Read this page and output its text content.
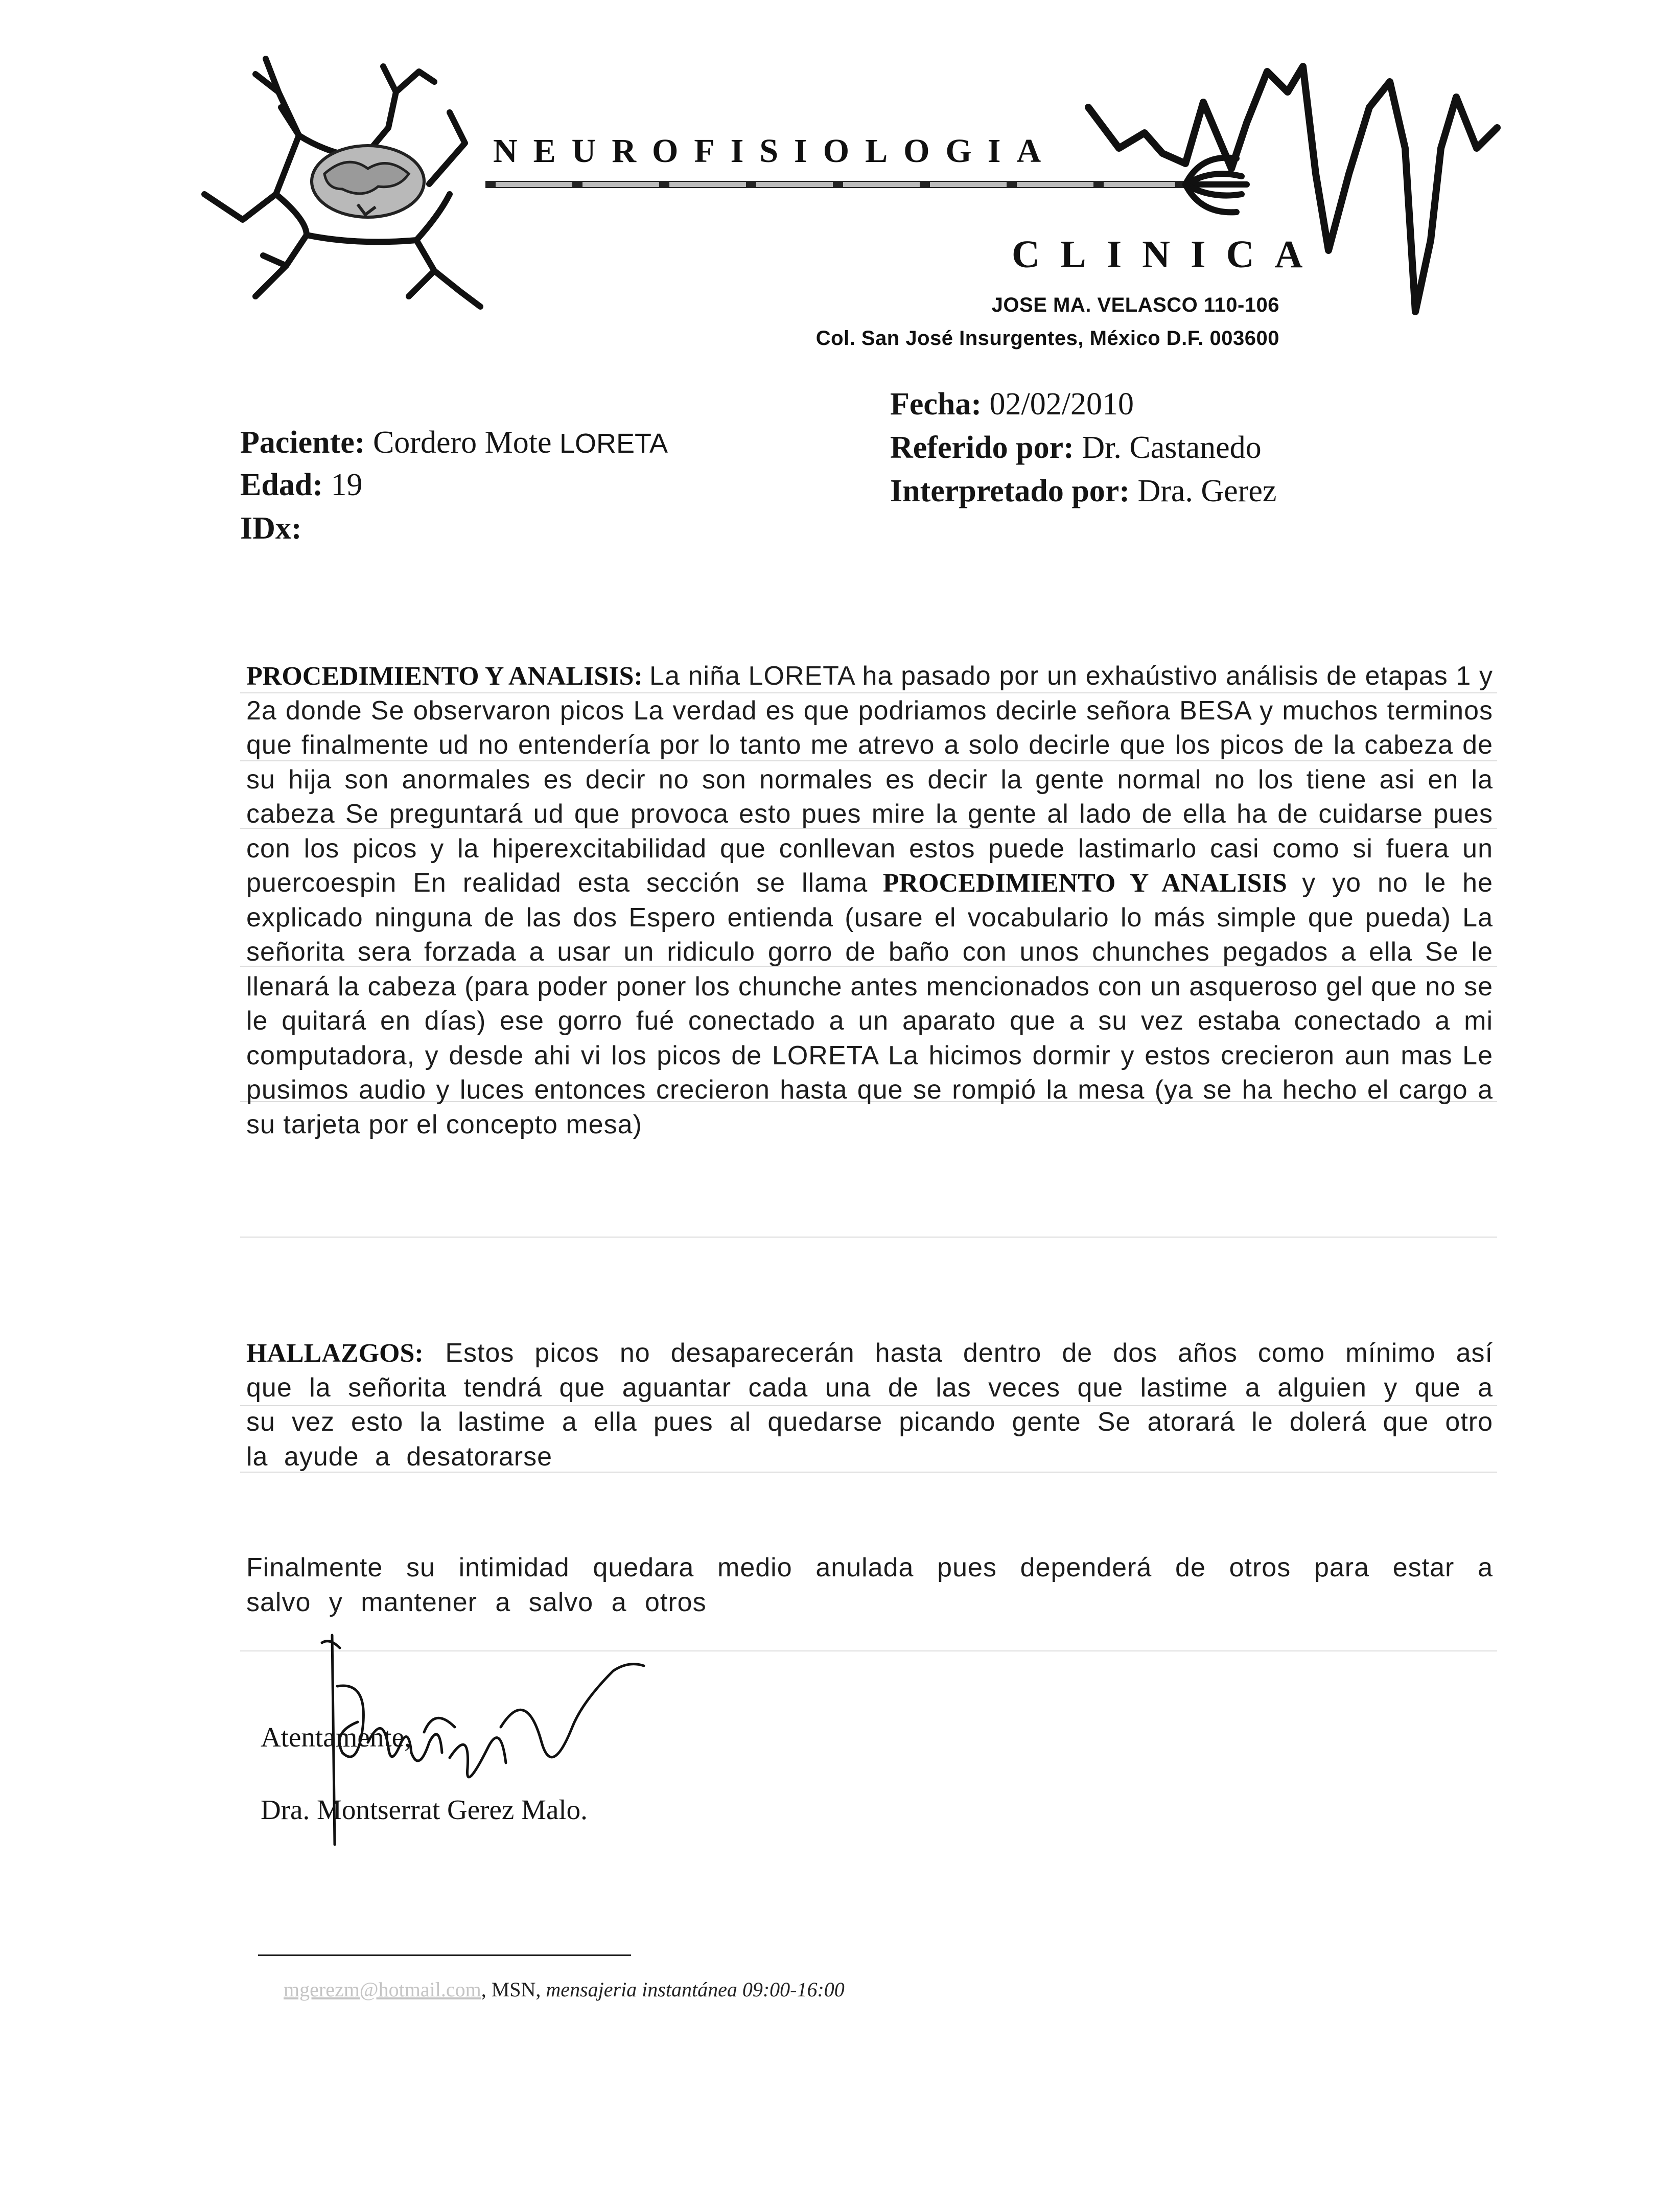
NEUROFISIOLOGIA
CLINICA
JOSE MA. VELASCO 110-106
Col. San José Insurgentes, México D.F. 003600
Fecha: 02/02/2010
Referido por: Dr. Castanedo
Interpretado por: Dra. Gerez
Paciente: Cordero Mote LORETA
Edad: 19
IDx:
PROCEDIMIENTO Y ANALISIS: La niña LORETA ha pasado por un exhaústivo análisis de etapas 1 y 2a donde Se observaron picos La verdad es que podriamos decirle señora BESA y muchos terminos que finalmente ud no entendería por lo tanto me atrevo a solo decirle que los picos de la cabeza de su hija son anormales es decir no son normales es decir la gente normal no los tiene asi en la cabeza Se preguntará ud que provoca esto pues mire la gente al lado de ella ha de cuidarse pues con los picos y la hiperexcitabilidad que conllevan estos puede lastimarlo casi como si fuera un puercoespin En realidad esta sección se llama PROCEDIMIENTO Y ANALISIS y yo no le he explicado ninguna de las dos Espero entienda (usare el vocabulario lo más simple que pueda) La señorita sera forzada a usar un ridiculo gorro de baño con unos chunches pegados a ella Se le llenará la cabeza (para poder poner los chunche antes mencionados con un asqueroso gel que no se le quitará en días) ese gorro fué conectado a un aparato que a su vez estaba conectado a mi computadora, y desde ahi vi los picos de LORETA La hicimos dormir y estos crecieron aun mas Le pusimos audio y luces entonces crecieron hasta que se rompió la mesa (ya se ha hecho el cargo a su tarjeta por el concepto mesa)
HALLAZGOS: Estos picos no desaparecerán hasta dentro de dos años como mínimo así que la señorita tendrá que aguantar cada una de las veces que lastime a alguien y que a su vez esto la lastime a ella pues al quedarse picando gente Se atorará le dolerá que otro la ayude a desatorarse
Finalmente su intimidad quedara medio anulada pues dependerá de otros para estar a salvo y mantener a salvo a otros
Atentamente,
Dra. Montserrat Gerez Malo.
mgerezm@hotmail.com, MSN, mensajeria instantánea 09:00-16:00
